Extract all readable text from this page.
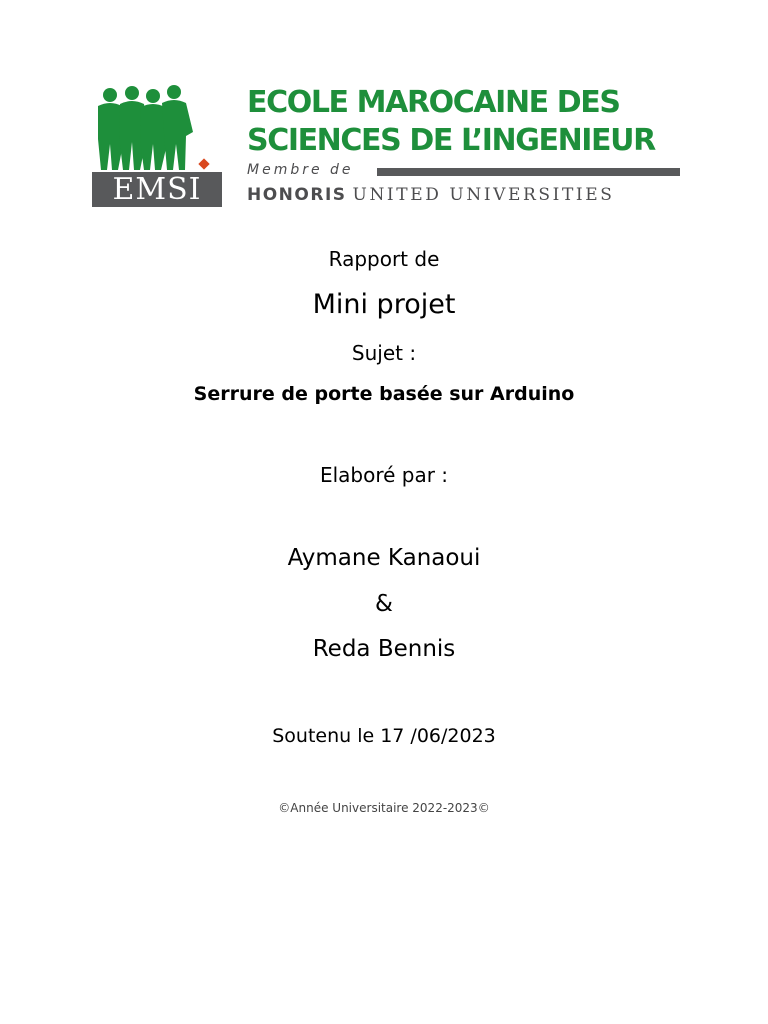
EMSI
ECOLE MAROCAINE DES
SCIENCES DE L’INGENIEUR
Membre de
HONORIS UNITED UNIVERSITIES
Rapport de
Mini projet
Sujet :
Serrure de porte basée sur Arduino
Elaboré par :
Aymane Kanaoui
&
Reda Bennis
Soutenu le 17 /06/2023
©Année Universitaire 2022-2023©
